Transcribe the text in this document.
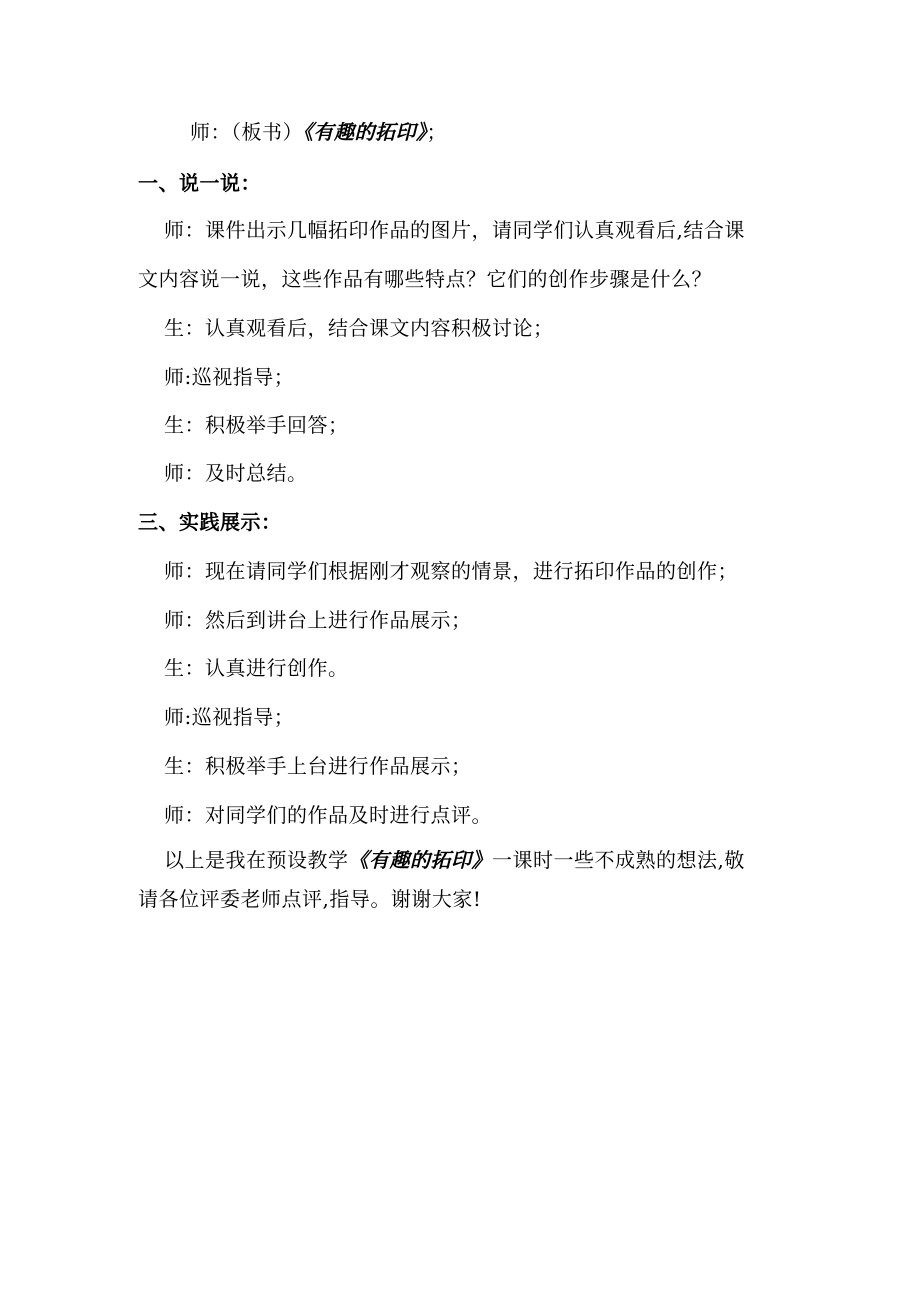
师：（板书）《有趣的拓印》；
一、说一说：
师：课件出示几幅拓印作品的图片，请同学们认真观看后,结合课
文内容说一说，这些作品有哪些特点？它们的创作步骤是什么？
生：认真观看后，结合课文内容积极讨论；
师:巡视指导；
生：积极举手回答；
师：及时总结。
三、实践展示：
师：现在请同学们根据刚才观察的情景，进行拓印作品的创作；
师：然后到讲台上进行作品展示；
生：认真进行创作。
师:巡视指导；
生：积极举手上台进行作品展示；
师：对同学们的作品及时进行点评。
以上是我在预设教学《有趣的拓印》一课时一些不成熟的想法,敬
请各位评委老师点评,指导。谢谢大家!
